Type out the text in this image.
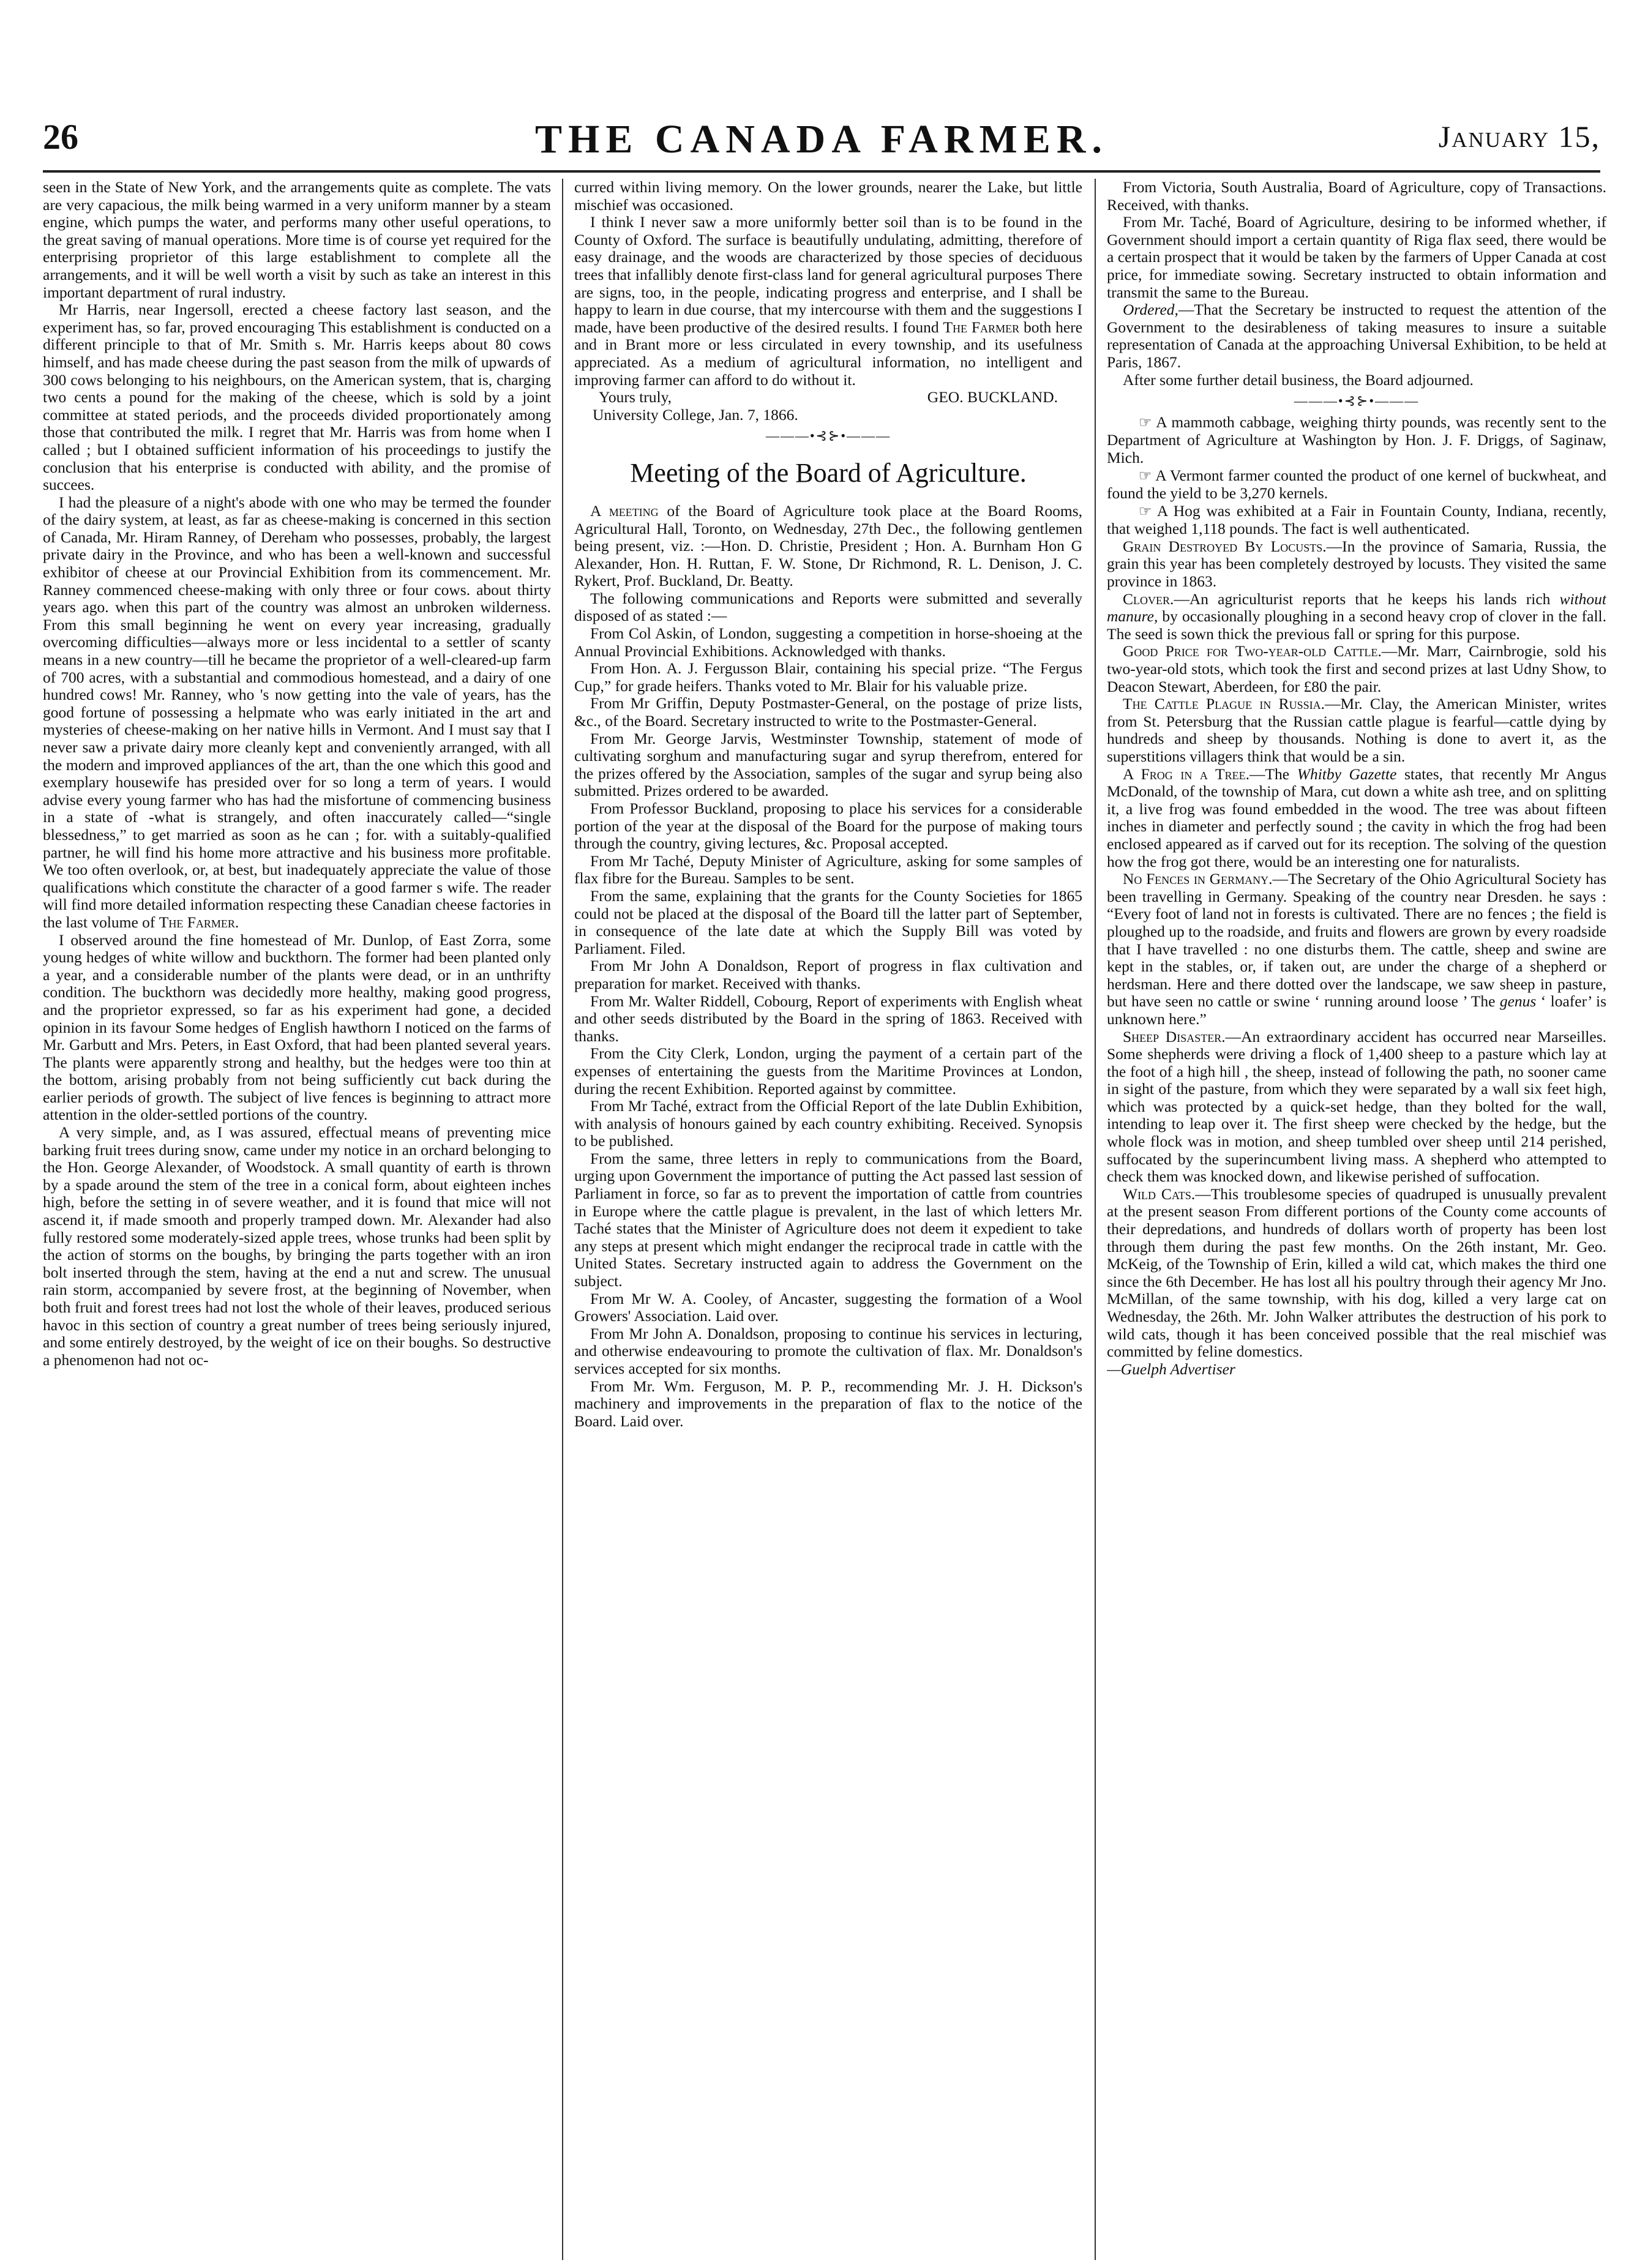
26	THE CANADA FARMER.	January 15,

seen in the State of New York, and the arrangements quite as complete. The vats are very capacious, the milk being warmed in a very uniform manner by a steam engine, which pumps the water, and performs many other useful operations, to the great saving of manual operations. More time is of course yet required for the enterprising proprietor of this large establishment to complete all the arrangements, and it will be well worth a visit by such as take an interest in this important department of rural industry.

Mr Harris, near Ingersoll, erected a cheese factory last season, and the experiment has, so far, proved encouraging This establishment is conducted on a different principle to that of Mr. Smith s. Mr. Harris keeps about 80 cows himself, and has made cheese during the past season from the milk of upwards of 300 cows belonging to his neighbours, on the American system, that is, charging two cents a pound for the making of the cheese, which is sold by a joint committee at stated periods, and the proceeds divided proportionately among those that contributed the milk. I regret that Mr. Harris was from home when I called ; but I obtained sufficient information of his proceedings to justify the conclusion that his enterprise is conducted with ability, and the promise of succees.

I had the pleasure of a night's abode with one who may be termed the founder of the dairy system, at least, as far as cheese-making is concerned in this section of Canada, Mr. Hiram Ranney, of Dereham who possesses, probably, the largest private dairy in the Province, and who has been a well-known and successful exhibitor of cheese at our Provincial Exhibition from its commencement. Mr. Ranney commenced cheese-making with only three or four cows. about thirty years ago. when this part of the country was almost an unbroken wilderness. From this small beginning he went on every year increasing, gradually overcoming difficulties—always more or less incidental to a settler of scanty means in a new country—till he became the proprietor of a well-cleared-up farm of 700 acres, with a substantial and commodious homestead, and a dairy of one hundred cows! Mr. Ranney, who 's now getting into the vale of years, has the good fortune of possessing a helpmate who was early initiated in the art and mysteries of cheese-making on her native hills in Vermont. And I must say that I never saw a private dairy more cleanly kept and conveniently arranged, with all the modern and improved appliances of the art, than the one which this good and exemplary housewife has presided over for so long a term of years. I would advise every young farmer who has had the misfortune of commencing business in a state of -what is strangely, and often inaccurately called—“single blessedness,” to get married as soon as he can ; for. with a suitably-qualified partner, he will find his home more attractive and his business more profitable. We too often overlook, or, at best, but inadequately appreciate the value of those qualifications which constitute the character of a good farmer s wife. The reader will find more detailed information respecting these Canadian cheese factories in the last volume of The Farmer.

I observed around the fine homestead of Mr. Dunlop, of East Zorra, some young hedges of white willow and buckthorn. The former had been planted only a year, and a considerable number of the plants were dead, or in an unthrifty condition. The buckthorn was decidedly more healthy, making good progress, and the proprietor expressed, so far as his experiment had gone, a decided opinion in its favour Some hedges of English hawthorn I noticed on the farms of Mr. Garbutt and Mrs. Peters, in East Oxford, that had been planted several years. The plants were apparently strong and healthy, but the hedges were too thin at the bottom, arising probably from not being sufficiently cut back during the earlier periods of growth. The subject of live fences is beginning to attract more attention in the older-settled portions of the country.

A very simple, and, as I was assured, effectual means of preventing mice barking fruit trees during snow, came under my notice in an orchard belonging to the Hon. George Alexander, of Woodstock. A small quantity of earth is thrown by a spade around the stem of the tree in a conical form, about eighteen inches high, before the setting in of severe weather, and it is found that mice will not ascend it, if made smooth and properly tramped down. Mr. Alexander had also fully restored some moderately-sized apple trees, whose trunks had been split by the action of storms on the boughs, by bringing the parts together with an iron bolt inserted through the stem, having at the end a nut and screw. The unusual rain storm, accompanied by severe frost, at the beginning of November, when both fruit and forest trees had not lost the whole of their leaves, produced serious havoc in this section of country a great number of trees being seriously injured, and some entirely destroyed, by the weight of ice on their boughs. So destructive a phenomenon had not oc-

curred within living memory. On the lower grounds, nearer the Lake, but little mischief was occasioned.

I think I never saw a more uniformly better soil than is to be found in the County of Oxford. The surface is beautifully undulating, admitting, therefore of easy drainage, and the woods are characterized by those species of deciduous trees that infallibly denote first-class land for general agricultural purposes There are signs, too, in the people, indicating progress and enterprise, and I shall be happy to learn in due course, that my intercourse with them and the suggestions I made, have been productive of the desired results. I found The Farmer both here and in Brant more or less circulated in every township, and its usefulness appreciated. As a medium of agricultural information, no intelligent and improving farmer can afford to do without it.

Yours truly,	GEO. BUCKLAND.
University College, Jan. 7, 1866.
———•⊰⊱•———
Meeting of the Board of Agriculture.

A meeting of the Board of Agriculture took place at the Board Rooms, Agricultural Hall, Toronto, on Wednesday, 27th Dec., the following gentlemen being present, viz. :—Hon. D. Christie, President ; Hon. A. Burnham Hon G Alexander, Hon. H. Ruttan, F. W. Stone, Dr Richmond, R. L. Denison, J. C. Rykert, Prof. Buckland, Dr. Beatty.

The following communications and Reports were submitted and severally disposed of as stated :—

From Col Askin, of London, suggesting a competition in horse-shoeing at the Annual Provincial Exhibitions. Acknowledged with thanks.

From Hon. A. J. Fergusson Blair, containing his special prize. “The Fergus Cup,” for grade heifers. Thanks voted to Mr. Blair for his valuable prize.

From Mr Griffin, Deputy Postmaster-General, on the postage of prize lists, &c., of the Board. Secretary instructed to write to the Postmaster-General.

From Mr. George Jarvis, Westminster Township, statement of mode of cultivating sorghum and manufacturing sugar and syrup therefrom, entered for the prizes offered by the Association, samples of the sugar and syrup being also submitted. Prizes ordered to be awarded.

From Professor Buckland, proposing to place his services for a considerable portion of the year at the disposal of the Board for the purpose of making tours through the country, giving lectures, &c. Proposal accepted.

From Mr Taché, Deputy Minister of Agriculture, asking for some samples of flax fibre for the Bureau. Samples to be sent.

From the same, explaining that the grants for the County Societies for 1865 could not be placed at the disposal of the Board till the latter part of September, in consequence of the late date at which the Supply Bill was voted by Parliament. Filed.

From Mr John A Donaldson, Report of progress in flax cultivation and preparation for market. Received with thanks.

From Mr. Walter Riddell, Cobourg, Report of experiments with English wheat and other seeds distributed by the Board in the spring of 1863. Received with thanks.

From the City Clerk, London, urging the payment of a certain part of the expenses of entertaining the guests from the Maritime Provinces at London, during the recent Exhibition. Reported against by committee.

From Mr Taché, extract from the Official Report of the late Dublin Exhibition, with analysis of honours gained by each country exhibiting. Received. Synopsis to be published.

From the same, three letters in reply to communications from the Board, urging upon Government the importance of putting the Act passed last session of Parliament in force, so far as to prevent the importation of cattle from countries in Europe where the cattle plague is prevalent, in the last of which letters Mr. Taché states that the Minister of Agriculture does not deem it expedient to take any steps at present which might endanger the reciprocal trade in cattle with the United States. Secretary instructed again to address the Government on the subject.

From Mr W. A. Cooley, of Ancaster, suggesting the formation of a Wool Growers' Association. Laid over.

From Mr John A. Donaldson, proposing to continue his services in lecturing, and otherwise endeavouring to promote the cultivation of flax. Mr. Donaldson's services accepted for six months.

From Mr. Wm. Ferguson, M. P. P., recommending Mr. J. H. Dickson's machinery and improvements in the preparation of flax to the notice of the Board. Laid over.

From Victoria, South Australia, Board of Agriculture, copy of Transactions. Received, with thanks.

From Mr. Taché, Board of Agriculture, desiring to be informed whether, if Government should import a certain quantity of Riga flax seed, there would be a certain prospect that it would be taken by the farmers of Upper Canada at cost price, for immediate sowing. Secretary instructed to obtain information and transmit the same to the Bureau.

Ordered,—That the Secretary be instructed to request the attention of the Government to the desirableness of taking measures to insure a suitable representation of Canada at the approaching Universal Exhibition, to be held at Paris, 1867.

After some further detail business, the Board adjourned.

———•⊰⊱•———

☞ A mammoth cabbage, weighing thirty pounds, was recently sent to the Department of Agriculture at Washington by Hon. J. F. Driggs, of Saginaw, Mich.

☞ A Vermont farmer counted the product of one kernel of buckwheat, and found the yield to be 3,270 kernels.

☞ A Hog was exhibited at a Fair in Fountain County, Indiana, recently, that weighed 1,118 pounds. The fact is well authenticated.

Grain Destroyed By Locusts.—In the province of Samaria, Russia, the grain this year has been completely destroyed by locusts. They visited the same province in 1863.

Clover.—An agriculturist reports that he keeps his lands rich without manure, by occasionally ploughing in a second heavy crop of clover in the fall. The seed is sown thick the previous fall or spring for this purpose.

Good Price for Two-year-old Cattle.—Mr. Marr, Cairnbrogie, sold his two-year-old stots, which took the first and second prizes at last Udny Show, to Deacon Stewart, Aberdeen, for £80 the pair.

The Cattle Plague in Russia.—Mr. Clay, the American Minister, writes from St. Petersburg that the Russian cattle plague is fearful—cattle dying by hundreds and sheep by thousands. Nothing is done to avert it, as the superstitions villagers think that would be a sin.

A Frog in a Tree.—The Whitby Gazette states, that recently Mr Angus McDonald, of the township of Mara, cut down a white ash tree, and on splitting it, a live frog was found embedded in the wood. The tree was about fifteen inches in diameter and perfectly sound ; the cavity in which the frog had been enclosed appeared as if carved out for its reception. The solving of the question how the frog got there, would be an interesting one for naturalists.

No Fences in Germany.—The Secretary of the Ohio Agricultural Society has been travelling in Germany. Speaking of the country near Dresden. he says : “Every foot of land not in forests is cultivated. There are no fences ; the field is ploughed up to the roadside, and fruits and flowers are grown by every roadside that I have travelled : no one disturbs them. The cattle, sheep and swine are kept in the stables, or, if taken out, are under the charge of a shepherd or herdsman. Here and there dotted over the landscape, we saw sheep in pasture, but have seen no cattle or swine ‘ running around loose ’ The genus ‘ loafer’ is unknown here.”

Sheep Disaster.—An extraordinary accident has occurred near Marseilles. Some shepherds were driving a flock of 1,400 sheep to a pasture which lay at the foot of a high hill , the sheep, instead of following the path, no sooner came in sight of the pasture, from which they were separated by a wall six feet high, which was protected by a quick-set hedge, than they bolted for the wall, intending to leap over it. The first sheep were checked by the hedge, but the whole flock was in motion, and sheep tumbled over sheep until 214 perished, suffocated by the superincumbent living mass. A shepherd who attempted to check them was knocked down, and likewise perished of suffocation.

Wild Cats.—This troublesome species of quadruped is unusually prevalent at the present season From different portions of the County come accounts of their depredations, and hundreds of dollars worth of property has been lost through them during the past few months. On the 26th instant, Mr. Geo. McKeig, of the Township of Erin, killed a wild cat, which makes the third one since the 6th December. He has lost all his poultry through their agency Mr Jno. McMillan, of the same township, with his dog, killed a very large cat on Wednesday, the 26th. Mr. John Walker attributes the destruction of his pork to wild cats, though it has been conceived possible that the real mischief was committed by feline domestics.

—Guelph Advertiser
